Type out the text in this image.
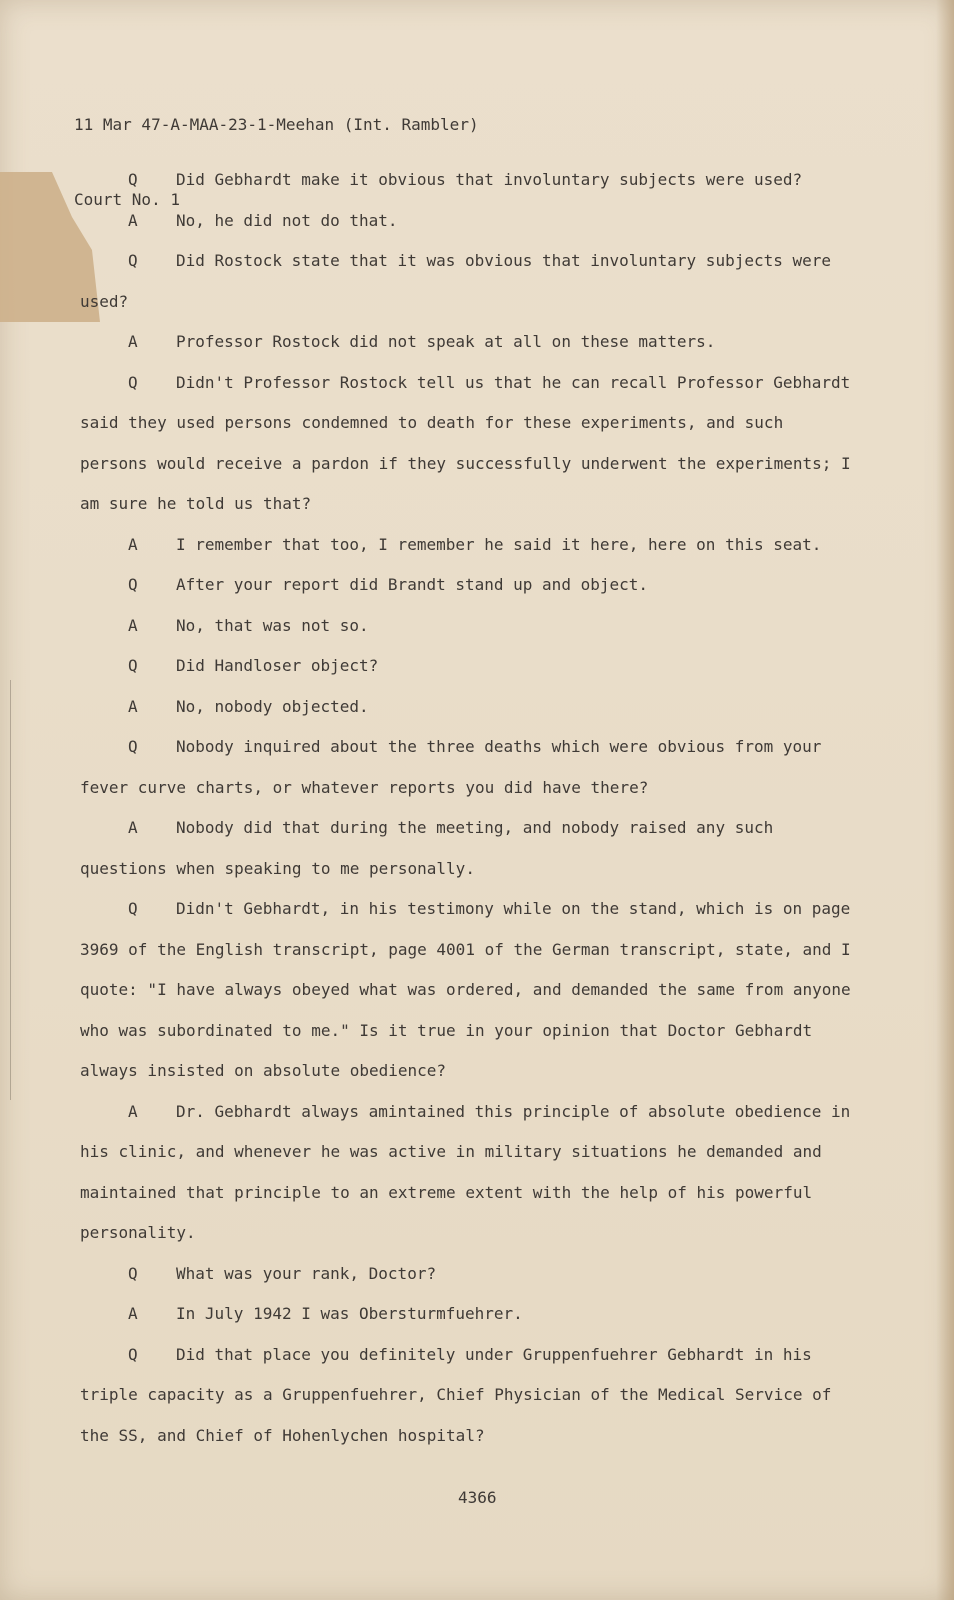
11 Mar 47-A-MAA-23-1-Meehan (Int. Rambler)

Court No. 1

Q Did Gebhardt make it obvious that involuntary subjects were used?

A No, he did not do that.

Q Did Rostock state that it was obvious that involuntary subjects were used?

A Professor Rostock did not speak at all on these matters.

Q Didn't Professor Rostock tell us that he can recall Professor Gebhardt said they used persons condemned to death for these experiments, and such persons would receive a pardon if they successfully underwent the experiments; I am sure he told us that?

A I remember that too, I remember he said it here, here on this seat.

Q After your report did Brandt stand up and object.

A No, that was not so.

Q Did Handloser object?

A No, nobody objected.

Q Nobody inquired about the three deaths which were obvious from your fever curve charts, or whatever reports you did have there?

A Nobody did that during the meeting, and nobody raised any such questions when speaking to me personally.

Q Didn't Gebhardt, in his testimony while on the stand, which is on page 3969 of the English transcript, page 4001 of the German transcript, state, and I quote: "I have always obeyed what was ordered, and demanded the same from anyone who was subordinated to me." Is it true in your opinion that Doctor Gebhardt always insisted on absolute obedience?

A Dr. Gebhardt always amintained this principle of absolute obedience in his clinic, and whenever he was active in military situations he demanded and maintained that principle to an extreme extent with the help of his powerful personality.

Q What was your rank, Doctor?

A In July 1942 I was Obersturmfuehrer.

Q Did that place you definitely under Gruppenfuehrer Gebhardt in his triple capacity as a Gruppenfuehrer, Chief Physician of the Medical Service of the SS, and Chief of Hohenlychen hospital?

4366
